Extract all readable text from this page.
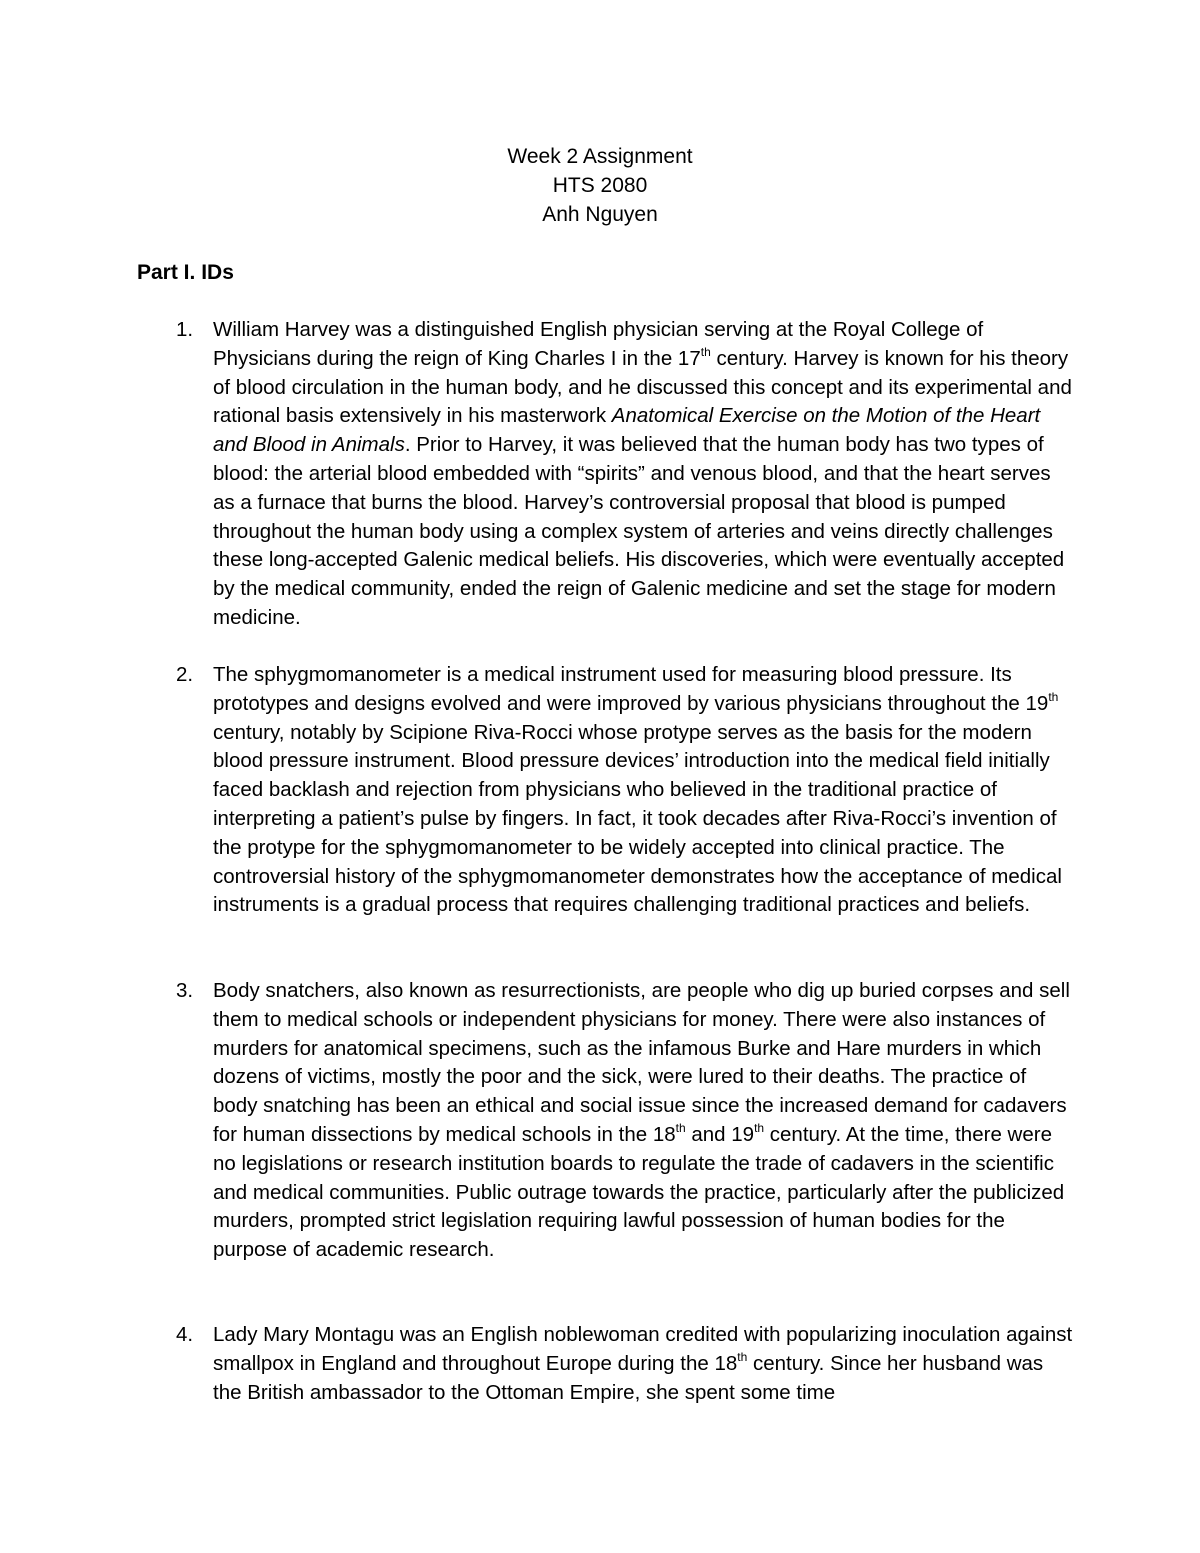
Week 2 Assignment
HTS 2080
Anh Nguyen
Part I. IDs
1. William Harvey was a distinguished English physician serving at the Royal College of Physicians during the reign of King Charles I in the 17th century. Harvey is known for his theory of blood circulation in the human body, and he discussed this concept and its experimental and rational basis extensively in his masterwork Anatomical Exercise on the Motion of the Heart and Blood in Animals. Prior to Harvey, it was believed that the human body has two types of blood: the arterial blood embedded with “spirits” and venous blood, and that the heart serves as a furnace that burns the blood. Harvey’s controversial proposal that blood is pumped throughout the human body using a complex system of arteries and veins directly challenges these long-accepted Galenic medical beliefs. His discoveries, which were eventually accepted by the medical community, ended the reign of Galenic medicine and set the stage for modern medicine.
2. The sphygmomanometer is a medical instrument used for measuring blood pressure. Its prototypes and designs evolved and were improved by various physicians throughout the 19th century, notably by Scipione Riva-Rocci whose protype serves as the basis for the modern blood pressure instrument. Blood pressure devices’ introduction into the medical field initially faced backlash and rejection from physicians who believed in the traditional practice of interpreting a patient’s pulse by fingers. In fact, it took decades after Riva-Rocci’s invention of the protype for the sphygmomanometer to be widely accepted into clinical practice. The controversial history of the sphygmomanometer demonstrates how the acceptance of medical instruments is a gradual process that requires challenging traditional practices and beliefs.
3. Body snatchers, also known as resurrectionists, are people who dig up buried corpses and sell them to medical schools or independent physicians for money. There were also instances of murders for anatomical specimens, such as the infamous Burke and Hare murders in which dozens of victims, mostly the poor and the sick, were lured to their deaths. The practice of body snatching has been an ethical and social issue since the increased demand for cadavers for human dissections by medical schools in the 18th and 19th century. At the time, there were no legislations or research institution boards to regulate the trade of cadavers in the scientific and medical communities. Public outrage towards the practice, particularly after the publicized murders, prompted strict legislation requiring lawful possession of human bodies for the purpose of academic research.
4. Lady Mary Montagu was an English noblewoman credited with popularizing inoculation against smallpox in England and throughout Europe during the 18th century. Since her husband was the British ambassador to the Ottoman Empire, she spent some time
